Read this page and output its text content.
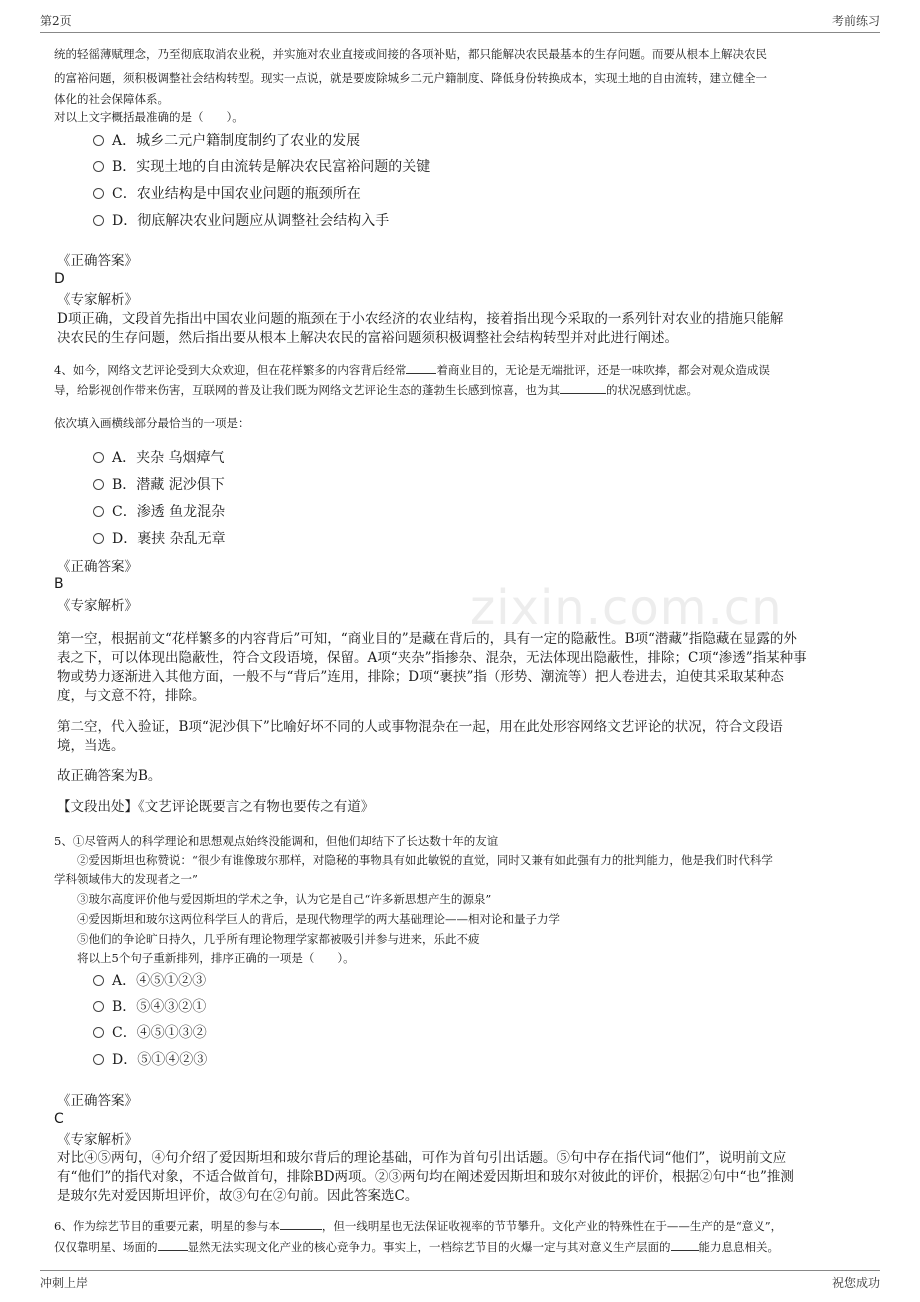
第2页	考前练习
zixin.com.cn
统的轻徭薄赋理念，乃至彻底取消农业税，并实施对农业直接或间接的各项补贴，都只能解决农民最基本的生存问题。而要从根本上解决农民
的富裕问题，须积极调整社会结构转型。现实一点说，就是要废除城乡二元户籍制度、降低身份转换成本，实现土地的自由流转，建立健全一
体化的社会保障体系。
对以上文字概括最准确的是（　　）。
A．城乡二元户籍制度制约了农业的发展
B．实现土地的自由流转是解决农民富裕问题的关键
C．农业结构是中国农业问题的瓶颈所在
D．彻底解决农业问题应从调整社会结构入手
《正确答案》
D
《专家解析》
D项正确，文段首先指出中国农业问题的瓶颈在于小农经济的农业结构，接着指出现今采取的一系列针对农业的措施只能解
决农民的生存问题，然后指出要从根本上解决农民的富裕问题须积极调整社会结构转型并对此进行阐述。
4、如今，网络文艺评论受到大众欢迎，但在花样繁多的内容背后经常	着商业目的，无论是无端批评，还是一味吹捧，都会对观众造成误
导，给影视创作带来伤害，互联网的普及让我们既为网络文艺评论生态的蓬勃生长感到惊喜，也为其	的状况感到忧虑。
依次填入画横线部分最恰当的一项是：
A．夹杂 乌烟瘴气
B．潜藏 泥沙俱下
C．渗透 鱼龙混杂
D．裹挟 杂乱无章
《正确答案》
B
《专家解析》
第一空，根据前文“花样繁多的内容背后”可知，“商业目的”是藏在背后的，具有一定的隐蔽性。B项“潜藏”指隐藏在显露的外
表之下，可以体现出隐蔽性，符合文段语境，保留。A项“夹杂”指掺杂、混杂，无法体现出隐蔽性，排除；C项“渗透”指某种事
物或势力逐渐进入其他方面，一般不与“背后”连用，排除；D项“裹挟”指（形势、潮流等）把人卷进去，迫使其采取某种态
度，与文意不符，排除。
第二空，代入验证，B项“泥沙俱下”比喻好坏不同的人或事物混杂在一起，用在此处形容网络文艺评论的状况，符合文段语
境，当选。
故正确答案为B。
【文段出处】《文艺评论既要言之有物也要传之有道》
5、①尽管两人的科学理论和思想观点始终没能调和，但他们却结下了长达数十年的友谊
　　②爱因斯坦也称赞说：“很少有谁像玻尔那样，对隐秘的事物具有如此敏锐的直觉，同时又兼有如此强有力的批判能力，他是我们时代科学
学科领域伟大的发现者之一”
　　③玻尔高度评价他与爱因斯坦的学术之争，认为它是自己“许多新思想产生的源泉”
　　④爱因斯坦和玻尔这两位科学巨人的背后，是现代物理学的两大基础理论——相对论和量子力学
　　⑤他们的争论旷日持久，几乎所有理论物理学家都被吸引并参与进来，乐此不疲
　　将以上5个句子重新排列，排序正确的一项是（　　）。
A．④⑤①②③
B．⑤④③②①
C．④⑤①③②
D．⑤①④②③
《正确答案》
C
《专家解析》
对比④⑤两句，④句介绍了爱因斯坦和玻尔背后的理论基础，可作为首句引出话题。⑤句中存在指代词“他们”，说明前文应
有“他们”的指代对象，不适合做首句，排除BD两项。②③两句均在阐述爱因斯坦和玻尔对彼此的评价，根据②句中“也”推测
是玻尔先对爱因斯坦评价，故③句在②句前。因此答案选C。
6、作为综艺节目的重要元素，明星的参与本	，但一线明星也无法保证收视率的节节攀升。文化产业的特殊性在于——生产的是“意义”，
仅仅靠明星、场面的	显然无法实现文化产业的核心竞争力。事实上，一档综艺节目的火爆一定与其对意义生产层面的 能力息息相关。
冲刺上岸	祝您成功
